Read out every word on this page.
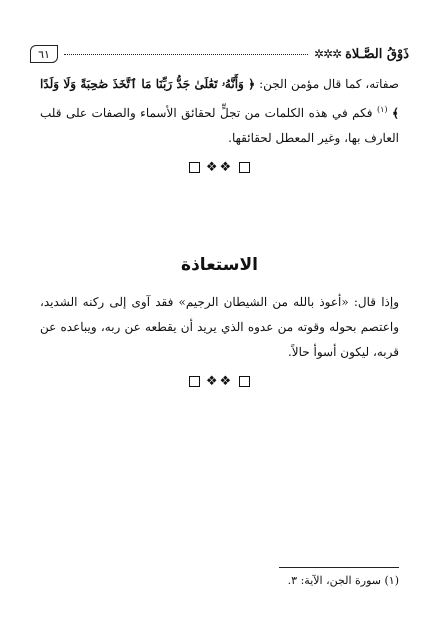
ذَوْقُ الصَّـلاة
✲✲✲
٦١
صفاته، كما قال مؤمن الجن: ﴿ وَأَنَّهُۥ تَعَٰلَىٰ جَدُّ رَبِّنَا مَا ٱتَّخَذَ صَٰحِبَةً وَلَا وَلَدًا ﴾ $^{(١)}$ فكم في هذه الكلمات من تجلٍّ لحقائق الأسماء والصفات على قلب العارف بها، وغير المعطل لحقائقها.
❖❖
الاستعاذة
وإذا قال: «أعوذ بالله من الشيطان الرجيم» فقد آوى إلى ركنه الشديد، واعتصم بحوله وقوته من عدوه الذي يريد أن يقطعه عن ربه، ويباعده عن قربه، ليكون أسوأ حالاً.
❖❖
(١) سورة الجن، الآية: ٣.
